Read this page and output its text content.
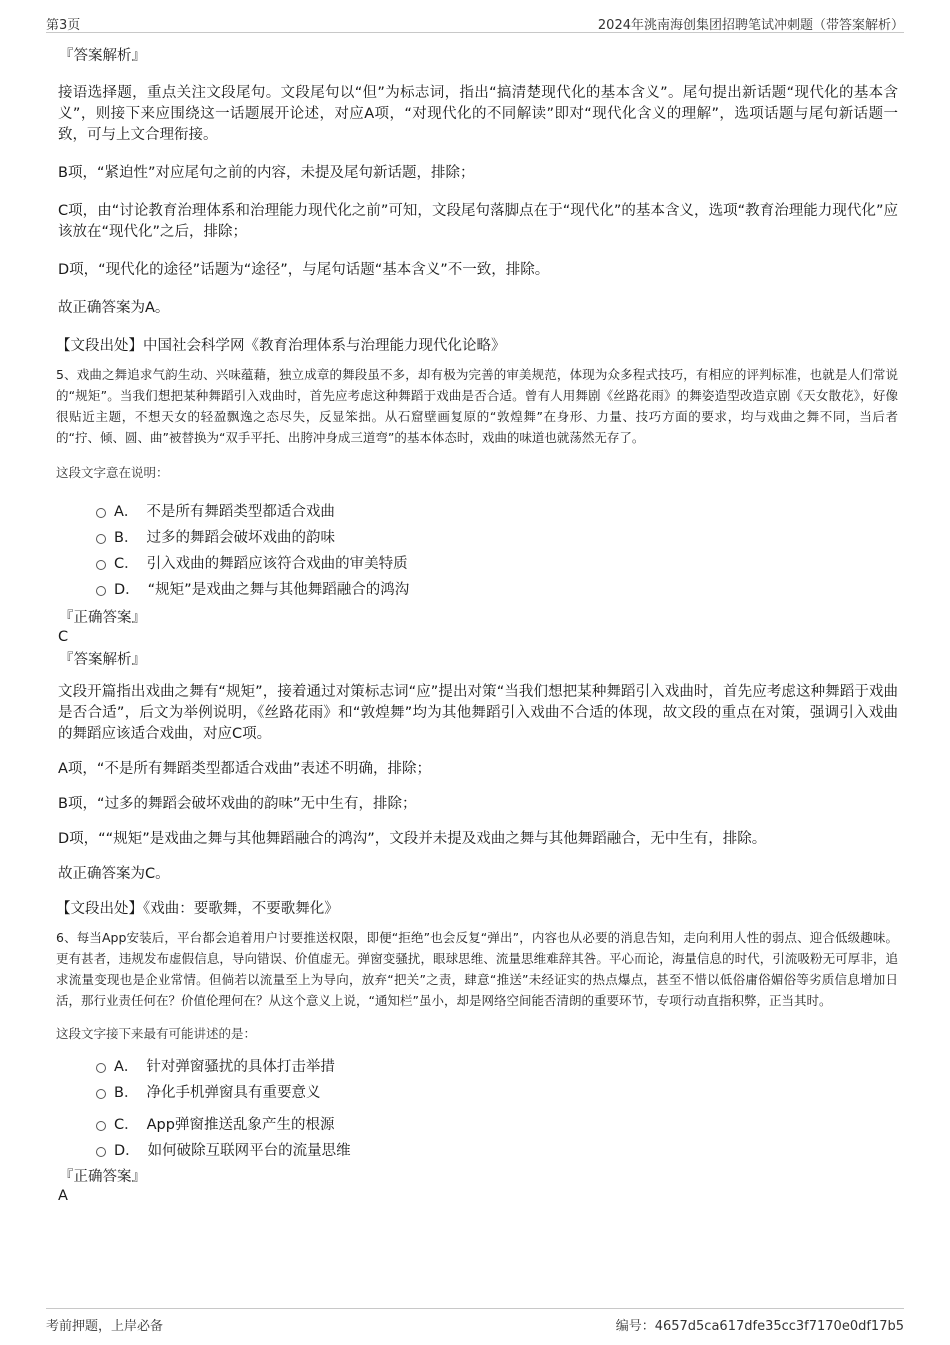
第3页	2024年洮南海创集团招聘笔试冲刺题（带答案解析）
『答案解析』

接语选择题，重点关注文段尾句。文段尾句以“但”为标志词，指出“搞清楚现代化的基本含义”。尾句提出新话题“现代化的基本含义”，则接下来应围绕这一话题展开论述，对应A项，“对现代化的不同解读”即对“现代化含义的理解”，选项话题与尾句新话题一致，可与上文合理衔接。

B项，“紧迫性”对应尾句之前的内容，未提及尾句新话题，排除；

C项，由“讨论教育治理体系和治理能力现代化之前”可知，文段尾句落脚点在于“现代化”的基本含义，选项“教育治理能力现代化”应该放在“现代化”之后，排除；

D项，“现代化的途径”话题为“途径”，与尾句话题“基本含义”不一致，排除。

故正确答案为A。

【文段出处】中国社会科学网《教育治理体系与治理能力现代化论略》

5、戏曲之舞追求气韵生动、兴味蕴藉，独立成章的舞段虽不多，却有极为完善的审美规范，体现为众多程式技巧，有相应的评判标准，也就是人们常说的“规矩”。当我们想把某种舞蹈引入戏曲时，首先应考虑这种舞蹈于戏曲是否合适。曾有人用舞剧《丝路花雨》的舞姿造型改造京剧《天女散花》，好像很贴近主题，不想天女的轻盈飘逸之态尽失，反显笨拙。从石窟壁画复原的“敦煌舞”在身形、力量、技巧方面的要求，均与戏曲之舞不同，当后者的“拧、倾、圆、曲”被替换为“双手平托、出胯冲身成三道弯”的基本体态时，戏曲的味道也就荡然无存了。

这段文字意在说明：

A． 不是所有舞蹈类型都适合戏曲
B． 过多的舞蹈会破坏戏曲的韵味
C． 引入戏曲的舞蹈应该符合戏曲的审美特质
D． “规矩”是戏曲之舞与其他舞蹈融合的鸿沟
『正确答案』
C
『答案解析』

文段开篇指出戏曲之舞有“规矩”，接着通过对策标志词“应”提出对策“当我们想把某种舞蹈引入戏曲时，首先应考虑这种舞蹈于戏曲是否合适”，后文为举例说明，《丝路花雨》和“敦煌舞”均为其他舞蹈引入戏曲不合适的体现，故文段的重点在对策，强调引入戏曲的舞蹈应该适合戏曲，对应C项。

A项，“不是所有舞蹈类型都适合戏曲”表述不明确，排除；

B项，“过多的舞蹈会破坏戏曲的韵味”无中生有，排除；

D项，““规矩”是戏曲之舞与其他舞蹈融合的鸿沟”，文段并未提及戏曲之舞与其他舞蹈融合，无中生有，排除。

故正确答案为C。

【文段出处】《戏曲：要歌舞，不要歌舞化》

6、每当App安装后，平台都会追着用户讨要推送权限，即便“拒绝”也会反复“弹出”，内容也从必要的消息告知，走向利用人性的弱点、迎合低级趣味。更有甚者，违规发布虚假信息，导向错误、价值虚无。弹窗变骚扰，眼球思维、流量思维难辞其咎。平心而论，海量信息的时代，引流吸粉无可厚非，追求流量变现也是企业常情。但倘若以流量至上为导向，放弃“把关”之责，肆意“推送”未经证实的热点爆点，甚至不惜以低俗庸俗媚俗等劣质信息增加日活，那行业责任何在？价值伦理何在？从这个意义上说，“通知栏”虽小，却是网络空间能否清朗的重要环节，专项行动直指积弊，正当其时。

这段文字接下来最有可能讲述的是：

A． 针对弹窗骚扰的具体打击举措
B． 净化手机弹窗具有重要意义
C． App弹窗推送乱象产生的根源
D． 如何破除互联网平台的流量思维
『正确答案』
A
考前押题，上岸必备	编号：4657d5ca617dfe35cc3f7170e0df17b5
